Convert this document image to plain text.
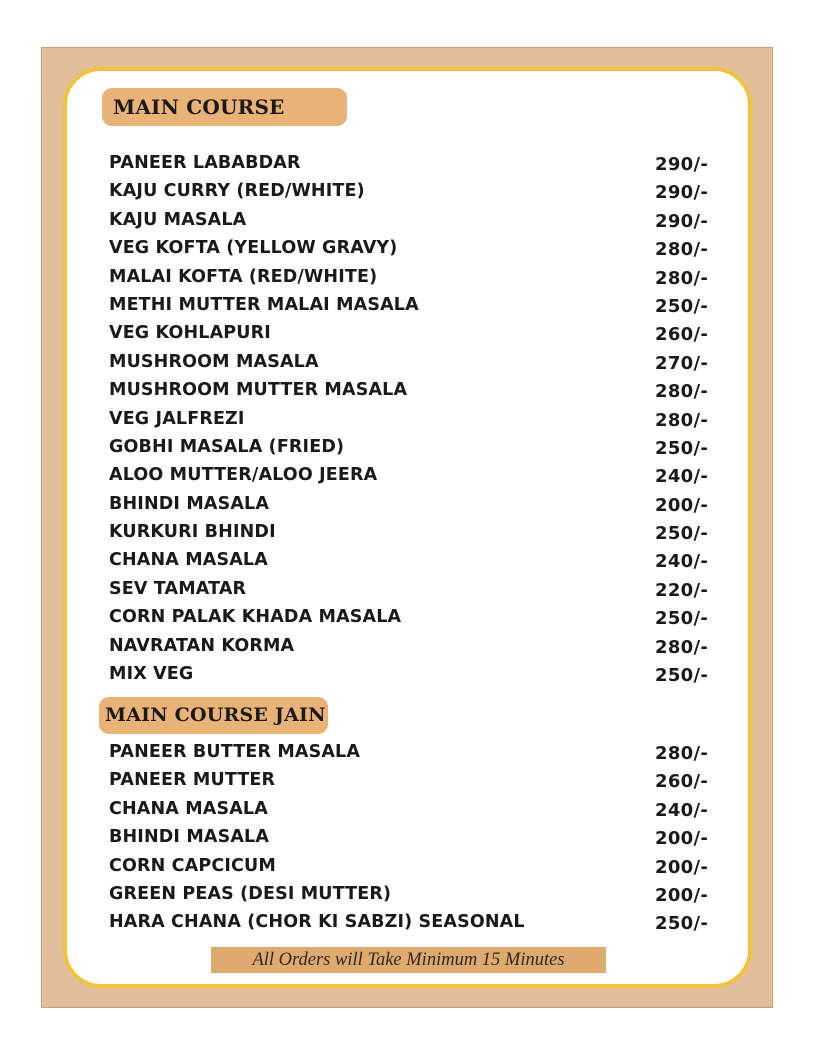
MAIN COURSE
PANEER LABABDAR	290/-
KAJU CURRY (RED/WHITE)	290/-
KAJU MASALA	290/-
VEG KOFTA (YELLOW GRAVY)	280/-
MALAI KOFTA (RED/WHITE)	280/-
METHI MUTTER MALAI MASALA	250/-
VEG KOHLAPURI	260/-
MUSHROOM MASALA	270/-
MUSHROOM MUTTER MASALA	280/-
VEG JALFREZI	280/-
GOBHI MASALA (FRIED)	250/-
ALOO MUTTER/ALOO JEERA	240/-
BHINDI MASALA	200/-
KURKURI BHINDI	250/-
CHANA MASALA	240/-
SEV TAMATAR	220/-
CORN PALAK KHADA MASALA	250/-
NAVRATAN KORMA	280/-
MIX VEG	250/-
MAIN COURSE JAIN
PANEER BUTTER MASALA	280/-
PANEER MUTTER	260/-
CHANA MASALA	240/-
BHINDI MASALA	200/-
CORN CAPCICUM	200/-
GREEN PEAS (DESI MUTTER)	200/-
HARA CHANA (CHOR KI SABZI) SEASONAL	250/-
All Orders will Take Minimum 15 Minutes
